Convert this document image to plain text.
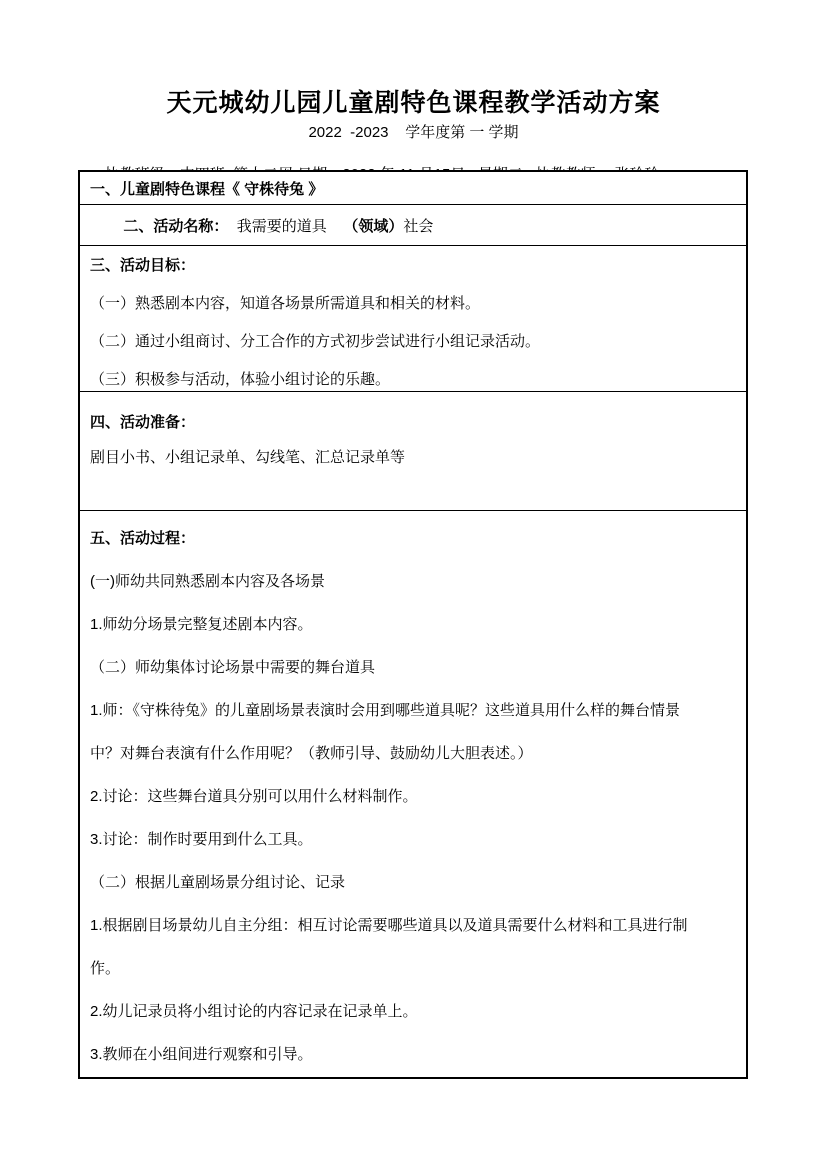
天元城幼儿园儿童剧特色课程教学活动方案
2022  -2023    学年度第 一 学期

一、儿童剧特色课程《 守株待兔 》

二、活动名称：  我需要的道具    （领域）社会

三、活动目标：

（一）熟悉剧本内容，知道各场景所需道具和相关的材料。

（二）通过小组商讨、分工合作的方式初步尝试进行小组记录活动。

（三）积极参与活动，体验小组讨论的乐趣。

四、活动准备：

剧目小书、小组记录单、勾线笔、汇总记录单等

五、活动过程：

(一)师幼共同熟悉剧本内容及各场景

1.师幼分场景完整复述剧本内容。

（二）师幼集体讨论场景中需要的舞台道具

1.师：《守株待兔》的儿童剧场景表演时会用到哪些道具呢？这些道具用什么样的舞台情景中？对舞台表演有什么作用呢？（教师引导、鼓励幼儿大胆表述。）

2.讨论：这些舞台道具分别可以用什么材料制作。

3.讨论：制作时要用到什么工具。

（二）根据儿童剧场景分组讨论、记录

1.根据剧目场景幼儿自主分组：相互讨论需要哪些道具以及道具需要什么材料和工具进行制作。

2.幼儿记录员将小组讨论的内容记录在记录单上。

3.教师在小组间进行观察和引导。
